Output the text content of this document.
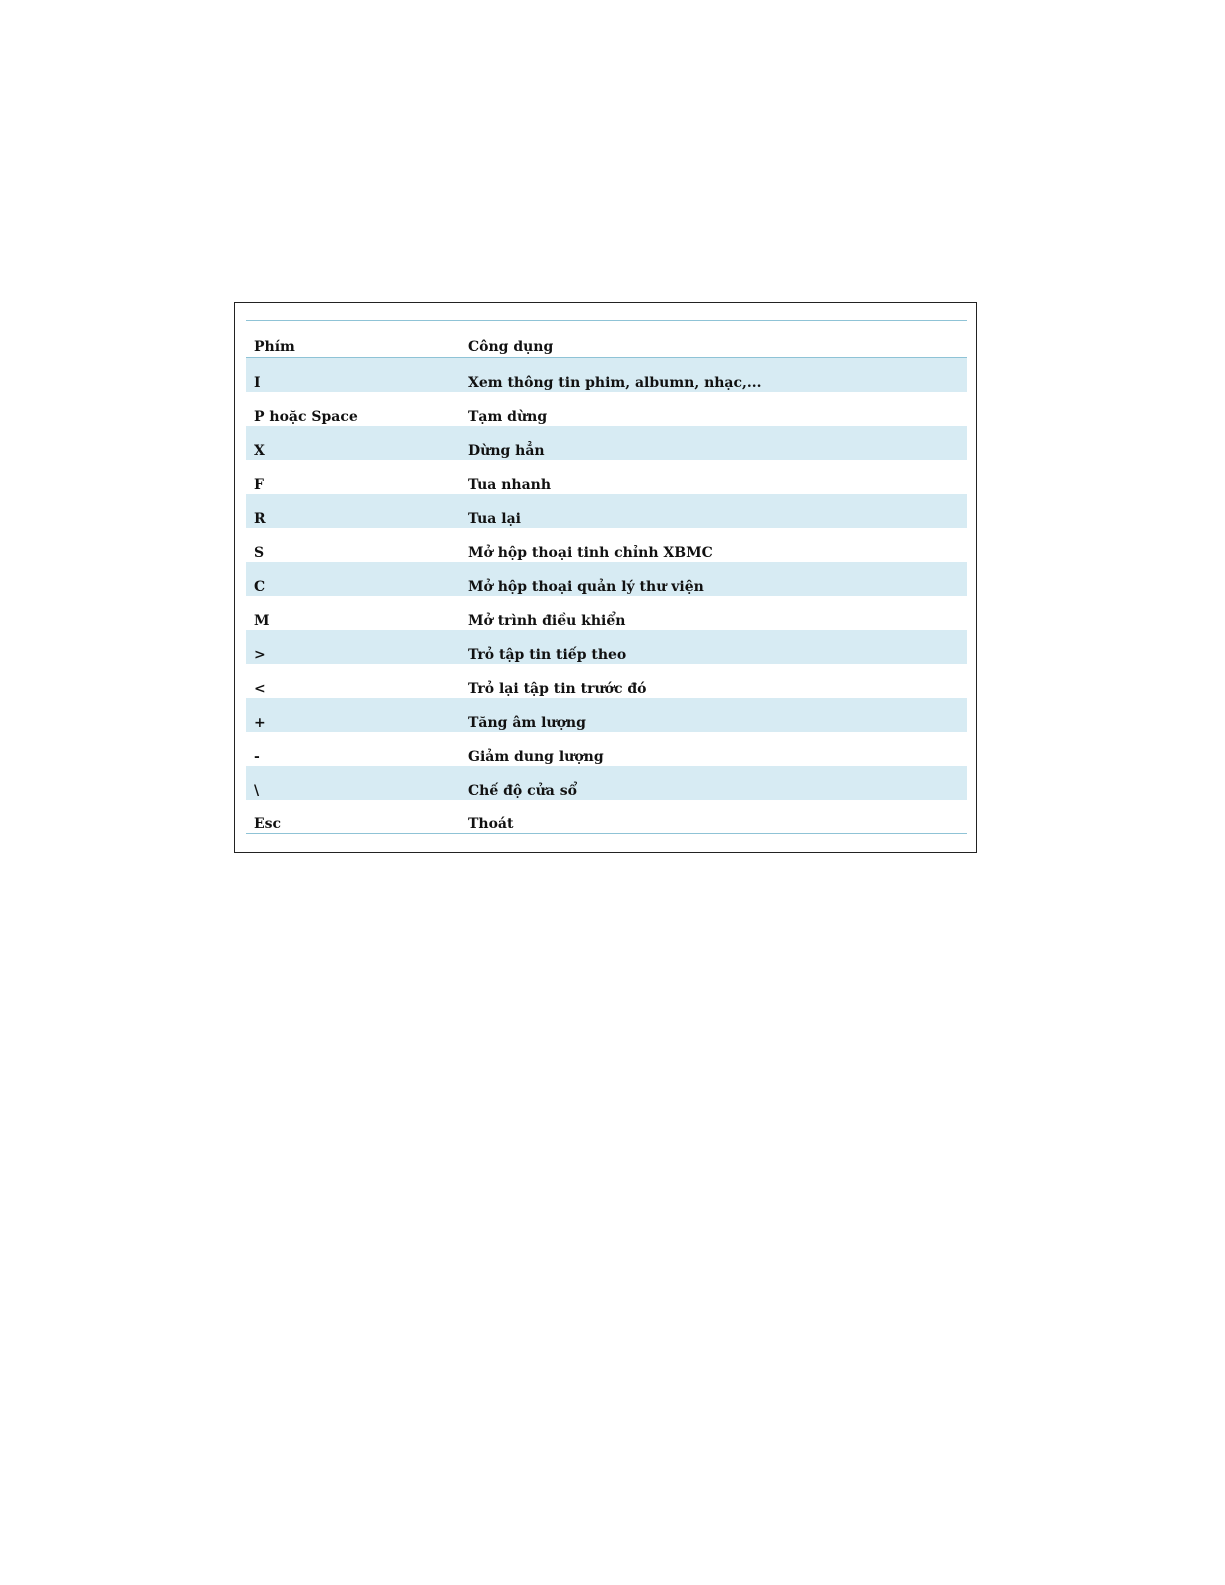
Phím	Công dụng
I	Xem thông tin phim, albumn, nhạc,...
P hoặc Space	Tạm dừng
X	Dừng hẳn
F	Tua nhanh
R	Tua lại
S	Mở hộp thoại tinh chỉnh XBMC
C	Mở hộp thoại quản lý thư viện
M	Mở trình điều khiển
>	Trỏ tập tin tiếp theo
<	Trỏ lại tập tin trước đó
+	Tăng âm lượng
-	Giảm dung lượng
\	Chế độ cửa sổ
Esc	Thoát
